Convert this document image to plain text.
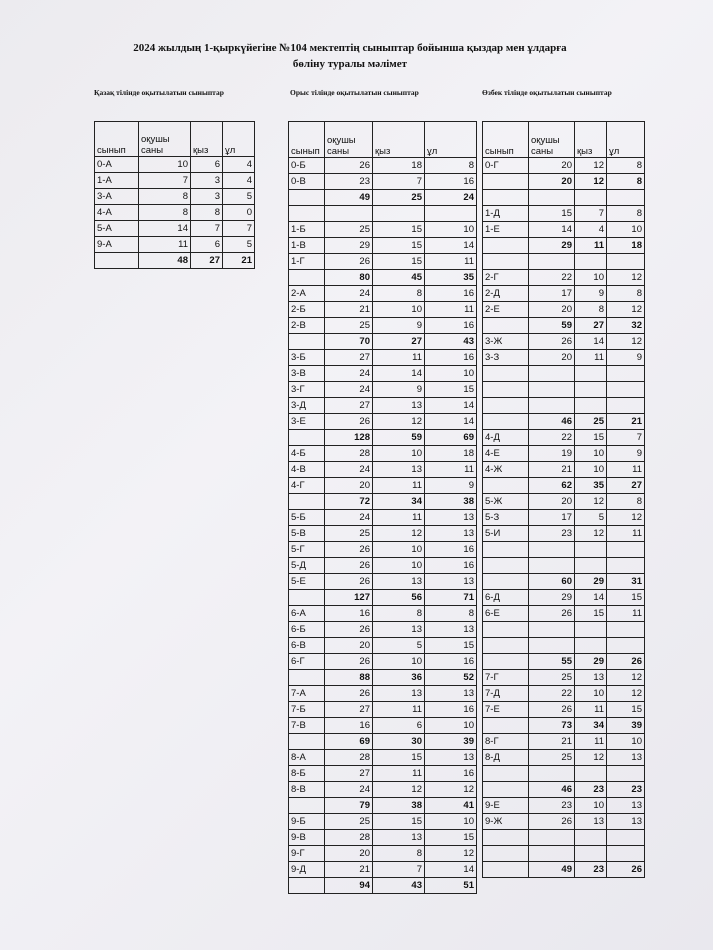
2024 жылдың 1-қыркүйегіне №104 мектептің сыныптар бойынша қыздар мен ұлдарға
бөліну туралы мәлімет
Қазақ тілінде оқытылатын сыныптар	Орыс тілінде оқытылатын сыныптар	Өзбек тілінде оқытылатын сыныптар
сынып	оқушы саны	қыз	ұл
0-А	10	6	4
1-А	7	3	4
3-А	8	3	5
4-А	8	8	0
5-А	14	7	7
9-А	11	6	5
	48	27	21
сынып	оқушы саны	қыз	ұл
0-Б	26	18	8
0-В	23	7	16
	49	25	24

1-Б	25	15	10
1-В	29	15	14
1-Г	26	15	11
	80	45	35
2-А	24	8	16
2-Б	21	10	11
2-В	25	9	16
	70	27	43
3-Б	27	11	16
3-В	24	14	10
3-Г	24	9	15
3-Д	27	13	14
3-Е	26	12	14
	128	59	69
4-Б	28	10	18
4-В	24	13	11
4-Г	20	11	9
	72	34	38
5-Б	24	11	13
5-В	25	12	13
5-Г	26	10	16
5-Д	26	10	16
5-Е	26	13	13
	127	56	71
6-А	16	8	8
6-Б	26	13	13
6-В	20	5	15
6-Г	26	10	16
	88	36	52
7-А	26	13	13
7-Б	27	11	16
7-В	16	6	10
	69	30	39
8-А	28	15	13
8-Б	27	11	16
8-В	24	12	12
	79	38	41
9-Б	25	15	10
9-В	28	13	15
9-Г	20	8	12
9-Д	21	7	14
	94	43	51
сынып	оқушы саны	қыз	ұл
0-Г	20	12	8
	20	12	8

1-Д	15	7	8
1-Е	14	4	10
	29	11	18

2-Г	22	10	12
2-Д	17	9	8
2-Е	20	8	12
	59	27	32
3-Ж	26	14	12
3-З	20	11	9

	46	25	21
4-Д	22	15	7
4-Е	19	10	9
4-Ж	21	10	11
	62	35	27
5-Ж	20	12	8
5-З	17	5	12
5-И	23	12	11

	60	29	31
6-Д	29	14	15
6-Е	26	15	11

	55	29	26
7-Г	25	13	12
7-Д	22	10	12
7-Е	26	11	15
	73	34	39
8-Г	21	11	10
8-Д	25	12	13

	46	23	23
9-Е	23	10	13
9-Ж	26	13	13

	49	23	26
